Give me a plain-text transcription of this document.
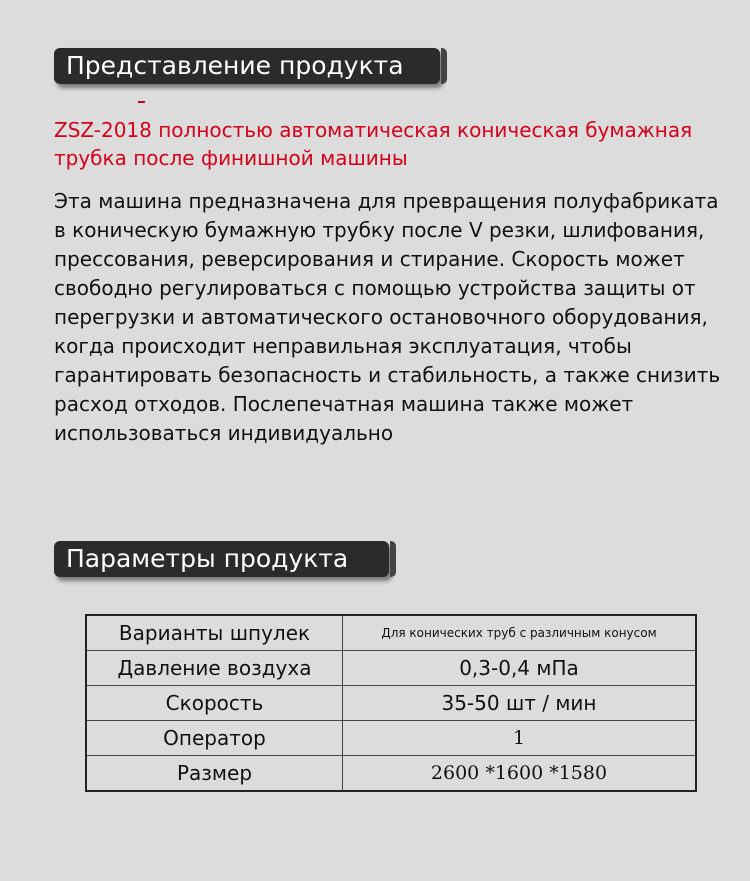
Представление продукта
ZSZ-2018 полностью автоматическая коническая бумажная трубка после финишной машины
Эта машина предназначена для превращения полуфабриката в коническую бумажную трубку после V резки, шлифования, прессования, реверсирования и стирание. Скорость может свободно регулироваться с помощью устройства защиты от перегрузки и автоматического остановочного оборудования, когда происходит неправильная эксплуатация, чтобы гарантировать безопасность и стабильность, а также снизить расход отходов. Послепечатная машина также может использоваться индивидуально
Параметры продукта
Варианты шпулек	Для конических труб с различным конусом
Давление воздуха	0,3-0,4 мПа
Скорость	35-50 шт / мин
Оператор	1
Размер	2600 *1600 *1580
